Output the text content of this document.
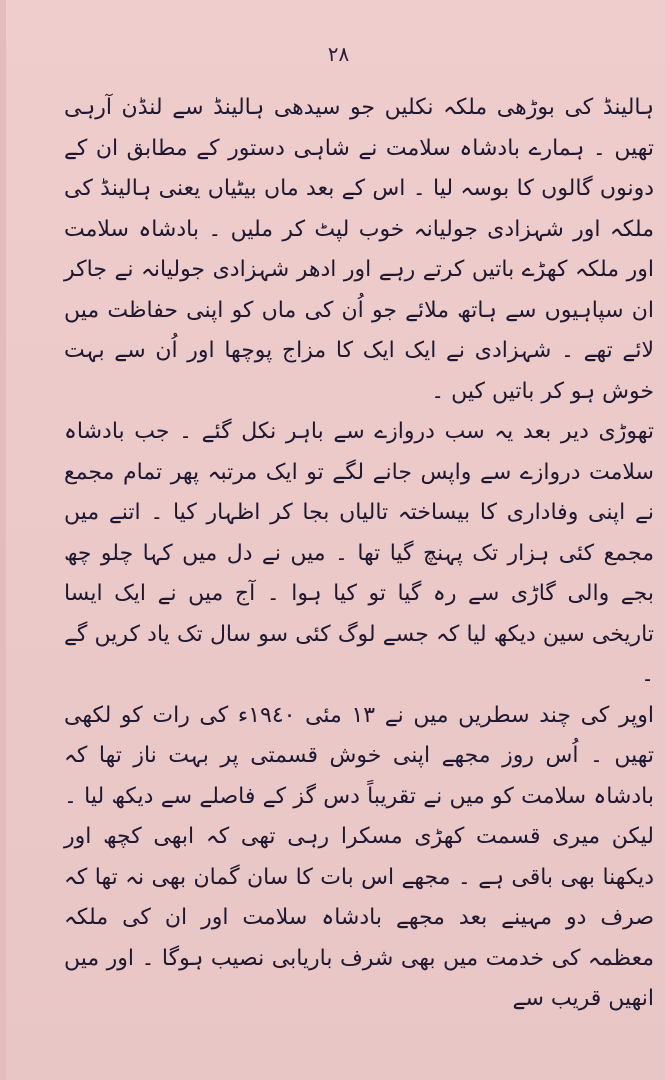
٢٨

ہالینڈ کی بوڑھی ملکہ نکلیں جو سیدھی ہالینڈ سے لنڈن آرہی تھیں ۔ ہمارے بادشاہ سلامت نے شاہی دستور کے مطابق ان کے دونوں گالوں کا بوسہ لیا ۔ اس کے بعد ماں بیٹیاں یعنی ہالینڈ کی ملکہ اور شہزادی جولیانہ خوب لپٹ کر ملیں ۔ بادشاہ سلامت اور ملکہ کھڑے باتیں کرتے رہے اور ادھر شہزادی جولیانہ نے جاکر ان سپاہیوں سے ہاتھ ملائے جو اُن کی ماں کو اپنی حفاظت میں لائے تھے ۔ شہزادی نے ایک ایک کا مزاج پوچھا اور اُن سے بہت خوش ہو کر باتیں کیں ۔

تھوڑی دیر بعد یہ سب دروازے سے باہر نکل گئے ۔ جب بادشاہ سلامت دروازے سے واپس جانے لگے تو ایک مرتبہ پھر تمام مجمع نے اپنی وفاداری کا بیساختہ تالیاں بجا کر اظہار کیا ۔ اتنے میں مجمع کئی ہزار تک پہنچ گیا تھا ۔ میں نے دل میں کہا چلو چھ بجے والی گاڑی سے رہ گیا تو کیا ہوا ۔ آج میں نے ایک ایسا تاریخی سین دیکھ لیا کہ جسے لوگ کئی سو سال تک یاد کریں گے ۔

اوپر کی چند سطریں میں نے ١٣ مئی ١٩٤٠ء کی رات کو لکھی تھیں ۔ اُس روز مجھے اپنی خوش قسمتی پر بہت ناز تھا کہ بادشاہ سلامت کو میں نے تقریباً دس گز کے فاصلے سے دیکھ لیا ۔ لیکن میری قسمت کھڑی مسکرا رہی تھی کہ ابھی کچھ اور دیکھنا بھی باقی ہے ۔ مجھے اس بات کا سان گمان بھی نہ تھا کہ صرف دو مہینے بعد مجھے بادشاہ سلامت اور ان کی ملکہ معظمہ کی خدمت میں بھی شرف باریابی نصیب ہوگا ۔ اور میں انھیں قریب سے
